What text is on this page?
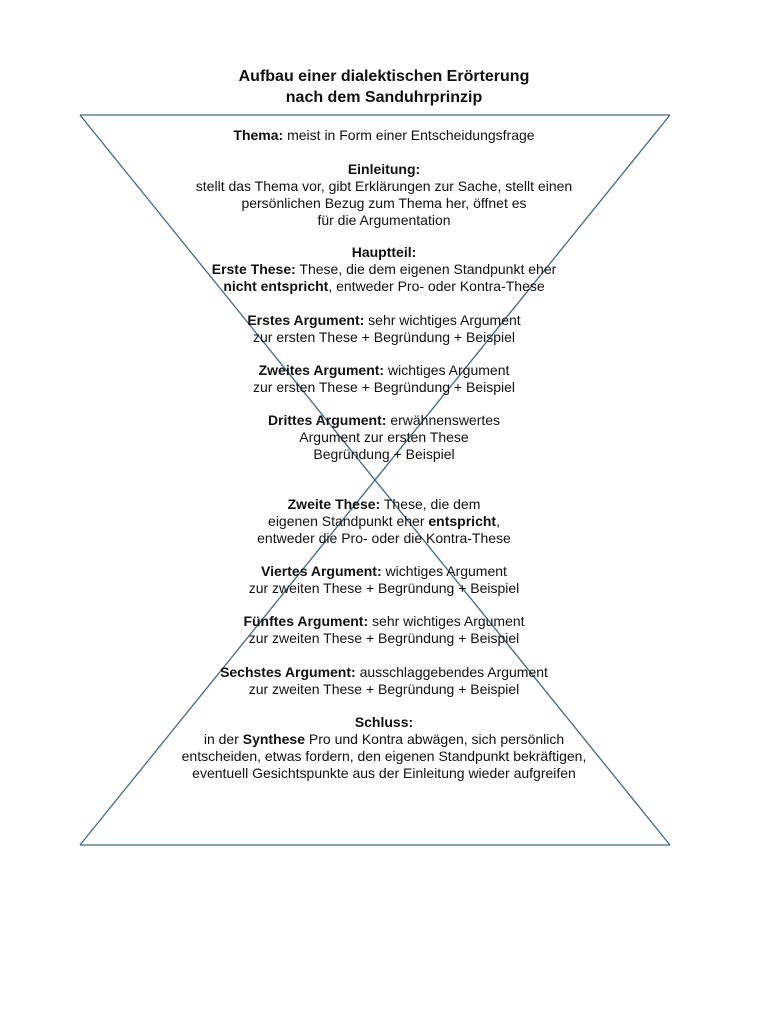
Aufbau einer dialektischen Erörterung
nach dem Sanduhrprinzip
Thema: meist in Form einer Entscheidungsfrage
Einleitung:
stellt das Thema vor, gibt Erklärungen zur Sache, stellt einen
persönlichen Bezug zum Thema her, öffnet es
für die Argumentation
Hauptteil:
Erste These: These, die dem eigenen Standpunkt eher
nicht entspricht, entweder Pro- oder Kontra-These
Erstes Argument: sehr wichtiges Argument
zur ersten These + Begründung + Beispiel
Zweites Argument: wichtiges Argument
zur ersten These + Begründung + Beispiel
Drittes Argument: erwähnenswertes
Argument zur ersten These
Begründung + Beispiel
Zweite These: These, die dem
eigenen Standpunkt eher entspricht,
entweder die Pro- oder die Kontra-These
Viertes Argument: wichtiges Argument
zur zweiten These + Begründung + Beispiel
Fünftes Argument: sehr wichtiges Argument
zur zweiten These + Begründung + Beispiel
Sechstes Argument: ausschlaggebendes Argument
zur zweiten These + Begründung + Beispiel
Schluss:
in der Synthese Pro und Kontra abwägen, sich persönlich
entscheiden, etwas fordern, den eigenen Standpunkt bekräftigen,
eventuell Gesichtspunkte aus der Einleitung wieder aufgreifen
